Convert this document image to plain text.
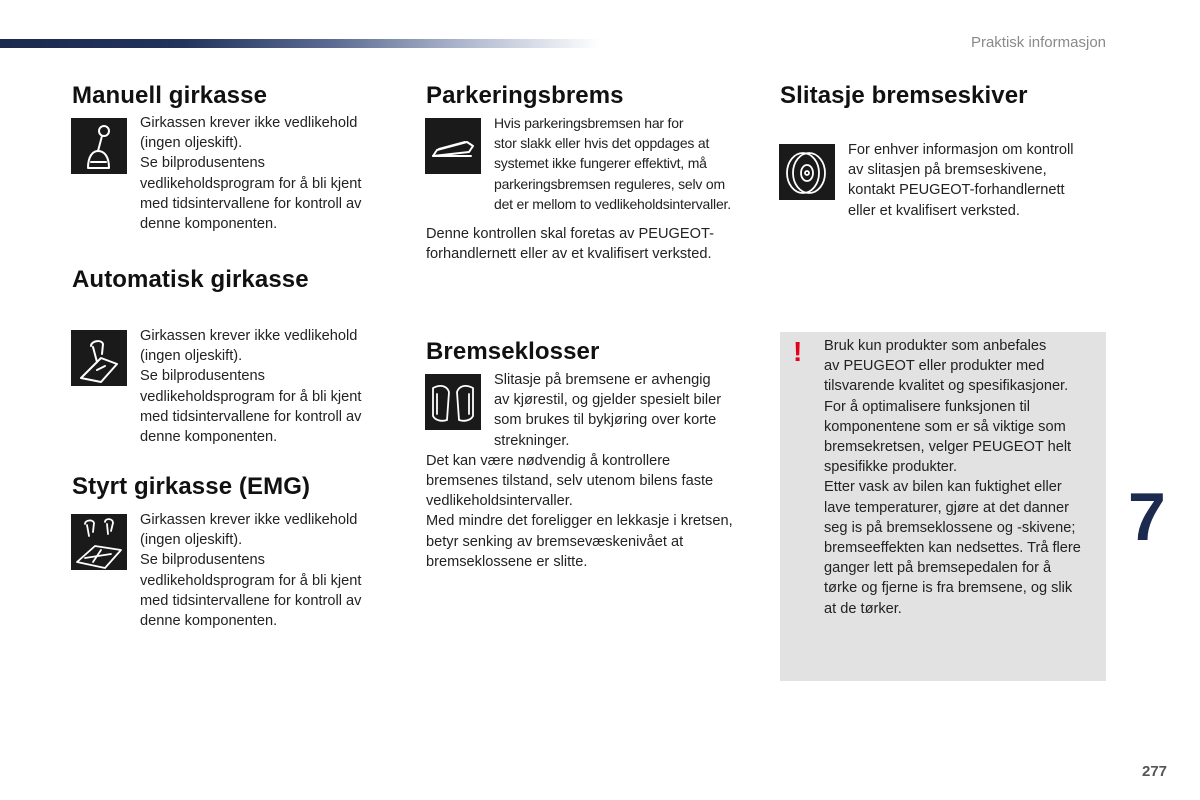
Praktisk informasjon
Manuell girkasse

Girkassen krever ikke vedlikehold

(ingen oljeskift).

Se bilprodusentens

vedlikeholdsprogram for å bli kjent

med tidsintervallene for kontroll av

denne komponenten.

Automatisk girkasse

Girkassen krever ikke vedlikehold

(ingen oljeskift).

Se bilprodusentens

vedlikeholdsprogram for å bli kjent

med tidsintervallene for kontroll av

denne komponenten.

Styrt girkasse (EMG)

Girkassen krever ikke vedlikehold

(ingen oljeskift).

Se bilprodusentens

vedlikeholdsprogram for å bli kjent

med tidsintervallene for kontroll av

denne komponenten.

Parkeringsbrems

Hvis parkeringsbremsen har for

stor slakk eller hvis det oppdages at

systemet ikke fungerer effektivt, må

parkeringsbremsen reguleres, selv om

det er mellom to vedlikeholdsintervaller.

Denne kontrollen skal foretas av PEUGEOT-

forhandlernett eller av et kvalifisert verksted.

Bremseklosser

Slitasje på bremsene er avhengig

av kjørestil, og gjelder spesielt biler

som brukes til bykjøring over korte

strekninger.

Det kan være nødvendig å kontrollere

bremsenes tilstand, selv utenom bilens faste

vedlikeholdsintervaller.

Med mindre det foreligger en lekkasje i kretsen,

betyr senking av bremsevæskenivået at

bremseklossene er slitte.

Slitasje bremseskiver

For enhver informasjon om kontroll

av slitasjen på bremseskivene,

kontakt PEUGEOT-forhandlernett

eller et kvalifisert verksted.

! Bruk kun produkter som anbefales

av PEUGEOT eller produkter med

tilsvarende kvalitet og spesifikasjoner.

For å optimalisere funksjonen til

komponentene som er så viktige som

bremsekretsen, velger PEUGEOT helt

spesifikke produkter.

Etter vask av bilen kan fuktighet eller

lave temperaturer, gjøre at det danner

seg is på bremseklossene og -skivene;

bremseeffekten kan nedsettes. Trå flere

ganger lett på bremsepedalen for å

tørke og fjerne is fra bremsene, og slik

at de tørker.

7
277
